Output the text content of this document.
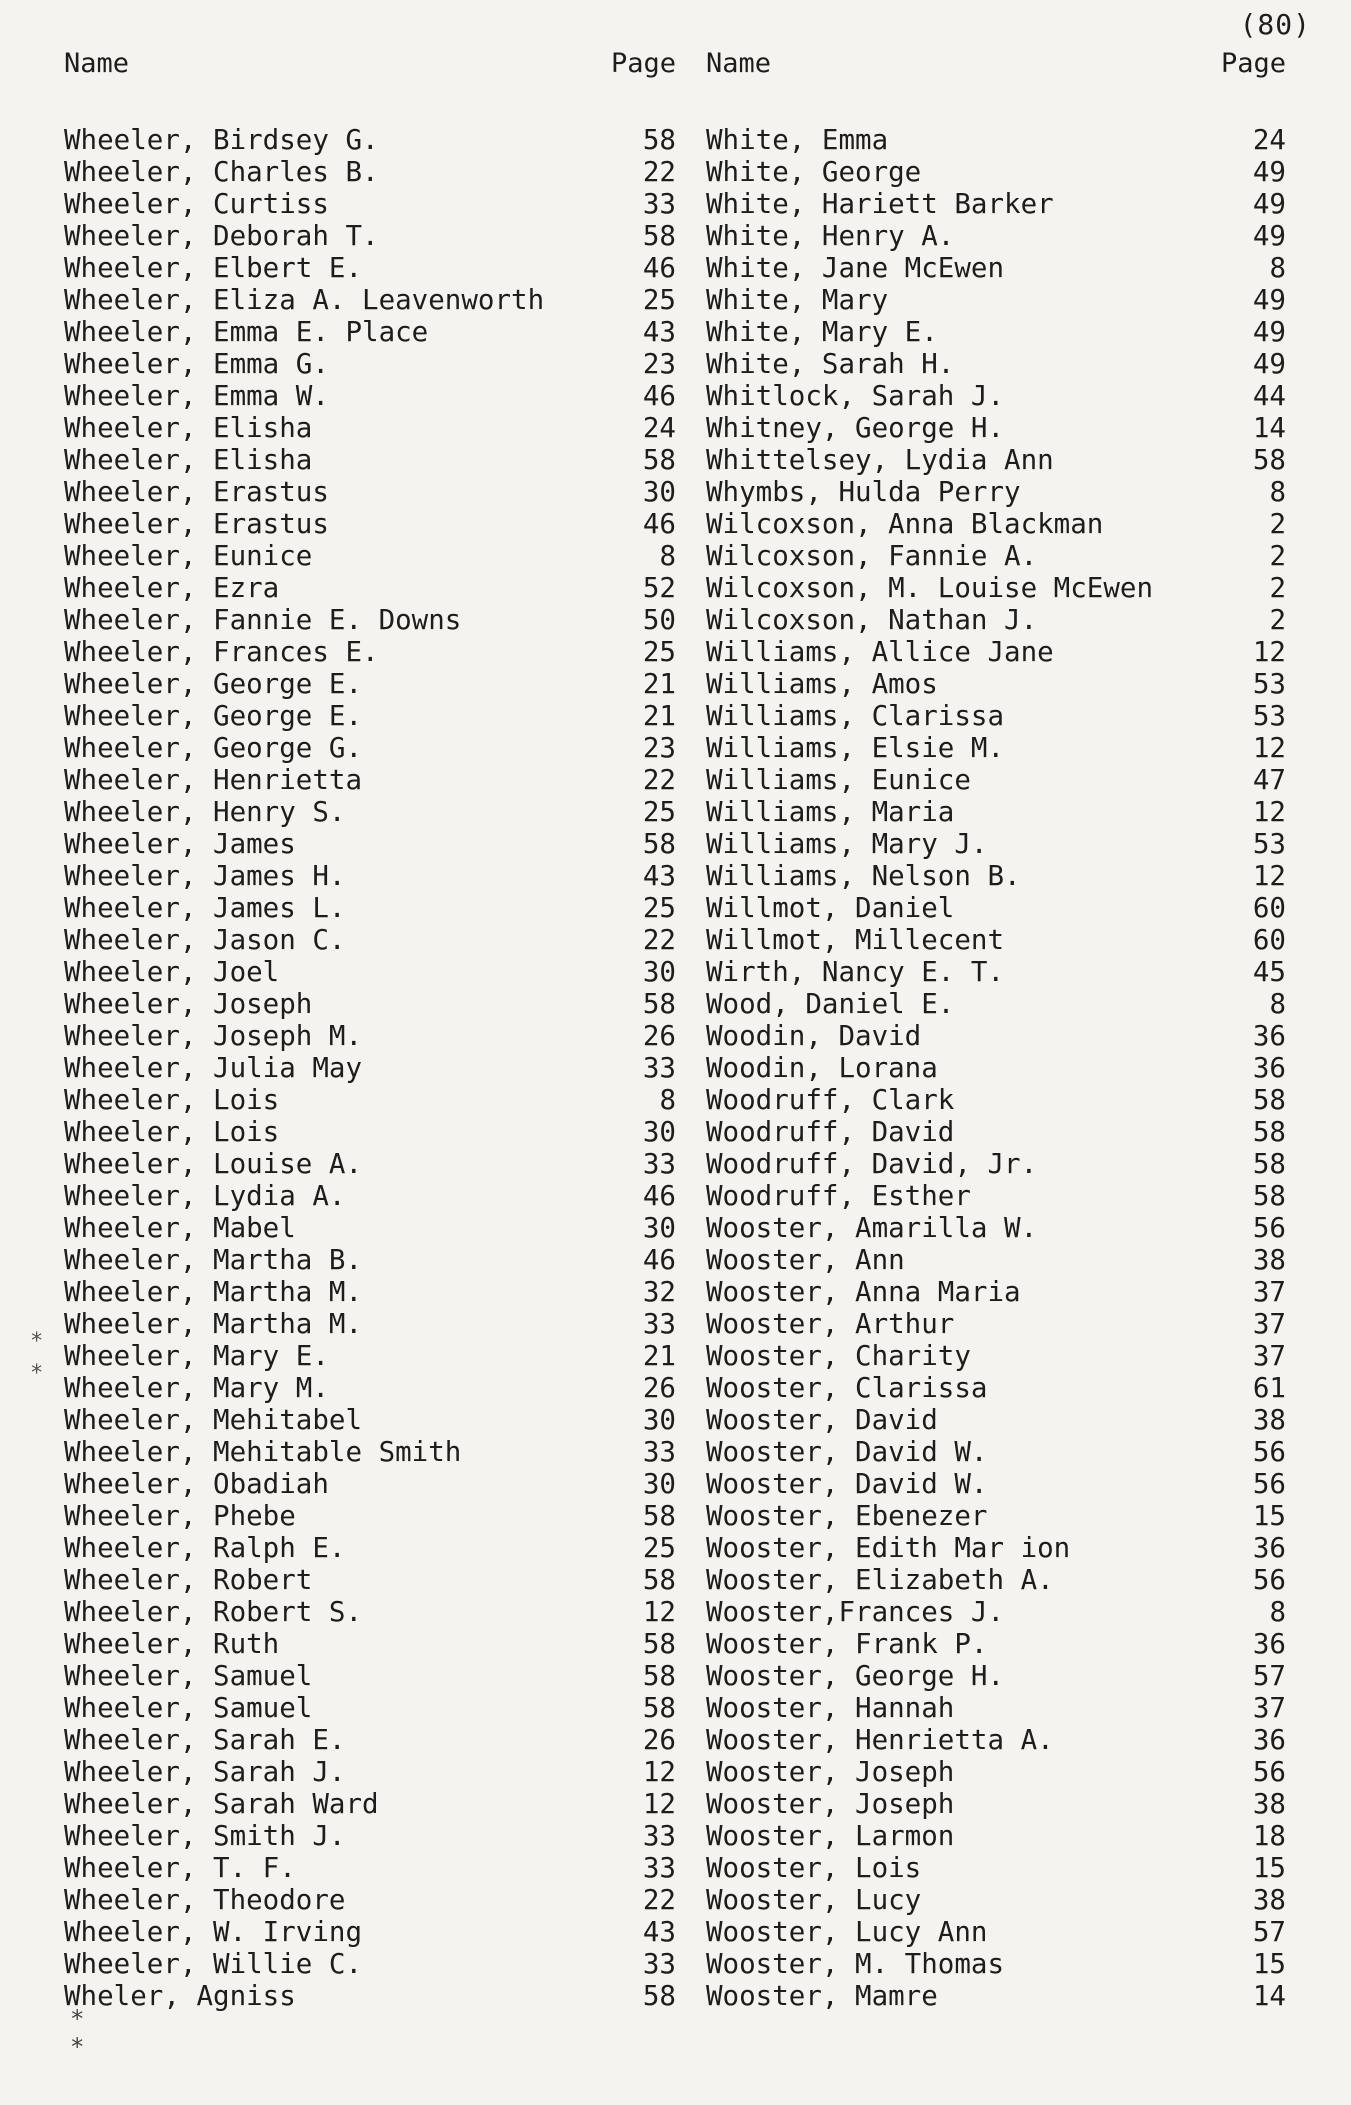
(80)
Name	Page
Wheeler, Birdsey G.	58
Wheeler, Charles B.	22
Wheeler, Curtiss	33
Wheeler, Deborah T.	58
Wheeler, Elbert E.	46
Wheeler, Eliza A. Leavenworth	25
Wheeler, Emma E. Place	43
Wheeler, Emma G.	23
Wheeler, Emma W.	46
Wheeler, Elisha	24
Wheeler, Elisha	58
Wheeler, Erastus	30
Wheeler, Erastus	46
Wheeler, Eunice	8
Wheeler, Ezra	52
Wheeler, Fannie E. Downs	50
Wheeler, Frances E.	25
Wheeler, George E.	21
Wheeler, George E.	21
Wheeler, George G.	23
Wheeler, Henrietta	22
Wheeler, Henry S.	25
Wheeler, James	58
Wheeler, James H.	43
Wheeler, James L.	25
Wheeler, Jason C.	22
Wheeler, Joel	30
Wheeler, Joseph	58
Wheeler, Joseph M.	26
Wheeler, Julia May	33
Wheeler, Lois	8
Wheeler, Lois	30
Wheeler, Louise A.	33
Wheeler, Lydia A.	46
Wheeler, Mabel	30
Wheeler, Martha B.	46
Wheeler, Martha M.	32
Wheeler, Martha M.	33
Wheeler, Mary E.	21
Wheeler, Mary M.	26
Wheeler, Mehitabel	30
Wheeler, Mehitable Smith	33
Wheeler, Obadiah	30
Wheeler, Phebe	58
Wheeler, Ralph E.	25
Wheeler, Robert	58
Wheeler, Robert S.	12
Wheeler, Ruth	58
Wheeler, Samuel	58
Wheeler, Samuel	58
Wheeler, Sarah E.	26
Wheeler, Sarah J.	12
Wheeler, Sarah Ward	12
Wheeler, Smith J.	33
Wheeler, T. F.	33
Wheeler, Theodore	22
Wheeler, W. Irving	43
Wheeler, Willie C.	33
Wheler, Agniss	58
Name	Page
White, Emma	24
White, George	49
White, Hariett Barker	49
White, Henry A.	49
White, Jane McEwen	8
White, Mary	49
White, Mary E.	49
White, Sarah H.	49
Whitlock, Sarah J.	44
Whitney, George H.	14
Whittelsey, Lydia Ann	58
Whymbs, Hulda Perry	8
Wilcoxson, Anna Blackman	2
Wilcoxson, Fannie A.	2
Wilcoxson, M. Louise McEwen	2
Wilcoxson, Nathan J.	2
Williams, Allice Jane	12
Williams, Amos	53
Williams, Clarissa	53
Williams, Elsie M.	12
Williams, Eunice	47
Williams, Maria	12
Williams, Mary J.	53
Williams, Nelson B.	12
Willmot, Daniel	60
Willmot, Millecent	60
Wirth, Nancy E. T.	45
Wood, Daniel E.	8
Woodin, David	36
Woodin, Lorana	36
Woodruff, Clark	58
Woodruff, David	58
Woodruff, David, Jr.	58
Woodruff, Esther	58
Wooster, Amarilla W.	56
Wooster, Ann	38
Wooster, Anna Maria	37
Wooster, Arthur	37
Wooster, Charity	37
Wooster, Clarissa	61
Wooster, David	38
Wooster, David W.	56
Wooster, David W.	56
Wooster, Ebenezer	15
Wooster, Edith Mar ion	36
Wooster, Elizabeth A.	56
Wooster,Frances J.	8
Wooster, Frank P.	36
Wooster, George H.	57
Wooster, Hannah	37
Wooster, Henrietta A.	36
Wooster, Joseph	56
Wooster, Joseph	38
Wooster, Larmon	18
Wooster, Lois	15
Wooster, Lucy	38
Wooster, Lucy Ann	57
Wooster, M. Thomas	15
Wooster, Mamre	14
*
*
*
*
